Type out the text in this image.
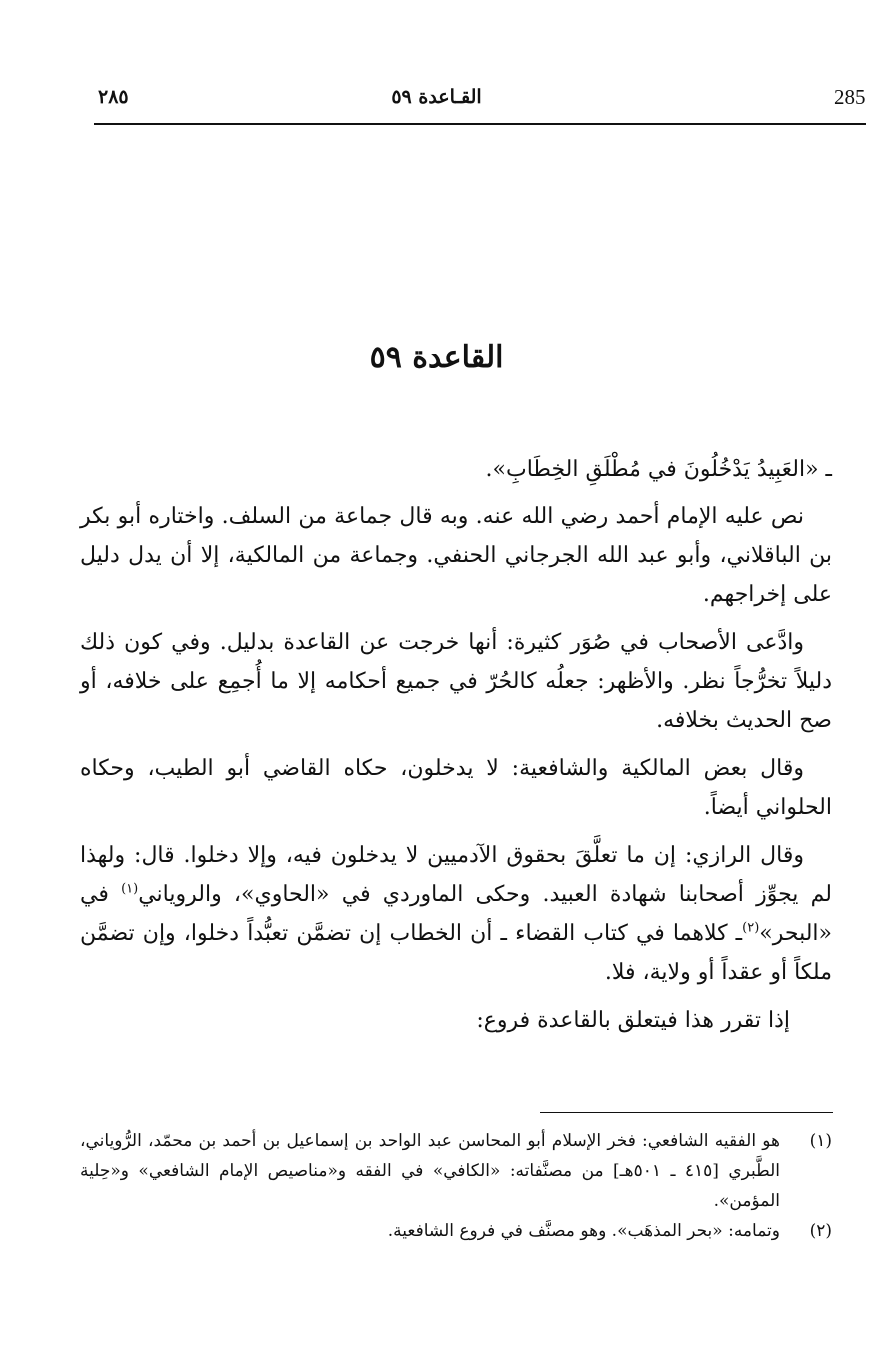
285
القـاعدة ٥٩
٢٨٥
القاعدة ٥٩

ـ «العَبِيدُ يَدْخُلُونَ في مُطْلَقِ الخِطَابِ».

نص عليه الإمام أحمد رضي الله عنه. وبه قال جماعة من السلف. واختاره أبو بكر بن الباقلاني، وأبو عبد الله الجرجاني الحنفي. وجماعة من المالكية، إلا أن يدل دليل على إخراجهم.

وادَّعى الأصحاب في صُوَر كثيرة: أنها خرجت عن القاعدة بدليل. وفي كون ذلك دليلاً تخرُّجاً نظر. والأظهر: جعلُه كالحُرّ في جميع أحكامه إلا ما أُجمِع على خلافه، أو صح الحديث بخلافه.

وقال بعض المالكية والشافعية: لا يدخلون، حكاه القاضي أبو الطيب، وحكاه الحلواني أيضاً.

وقال الرازي: إن ما تعلَّقَ بحقوق الآدميين لا يدخلون فيه، وإلا دخلوا. قال: ولهذا لم يجوِّز أصحابنا شهادة العبيد. وحكى الماوردي في «الحاوي»، والروياني$^{(١)}$ في «البحر»$^{(٢)}$ـ كلاهما في كتاب القضاء ـ أن الخطاب إن تضمَّن تعبُّداً دخلوا، وإن تضمَّن ملكاً أو عقداً أو ولاية، فلا.

إذا تقرر هذا فيتعلق بالقاعدة فروع:

(١)
هو الفقيه الشافعي: فخر الإسلام أبو المحاسن عبد الواحد بن إسماعيل بن أحمد بن محمّد، الرُّوياني، الطَّبري [٤١٥ ـ ٥٠١هـ] من مصنَّفاته: «الكافي» في الفقه و«مناصيص الإمام الشافعي» و«حِلية المؤمن».
(٢)
وتمامه: «بحر المذهَب». وهو مصنَّف في فروع الشافعية.
